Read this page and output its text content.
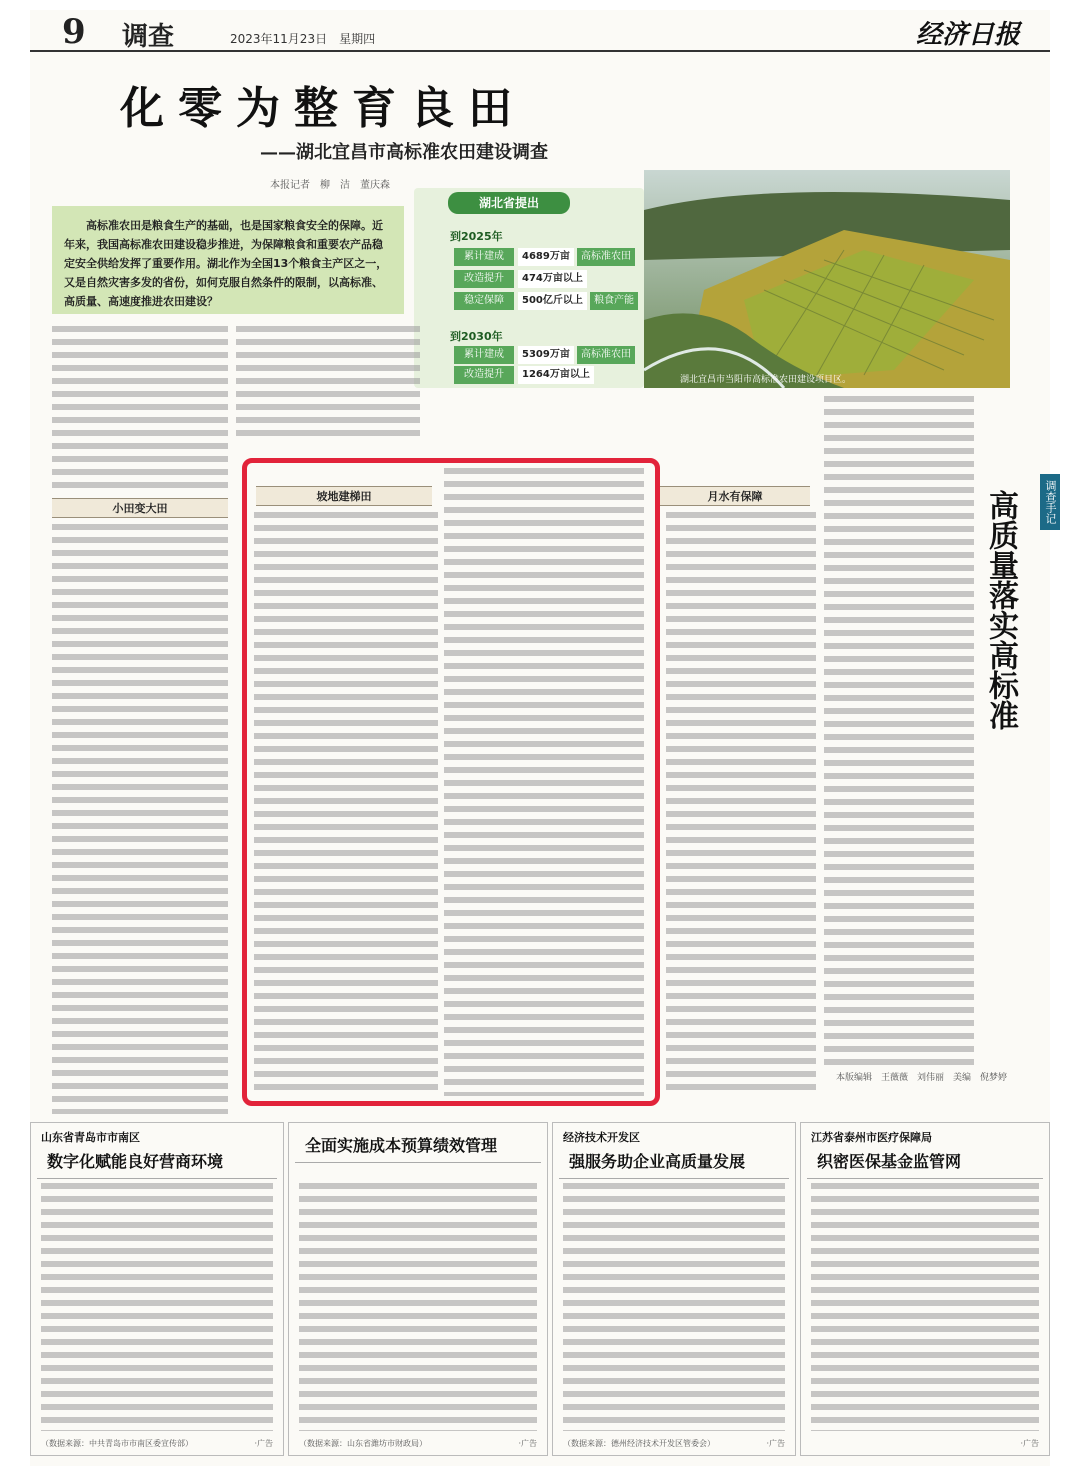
9 调查	2023年11月23日　星期四	经济日报
化零为整育良田
——湖北宜昌市高标准农田建设调查
本报记者　柳　洁　董庆森
高标准农田是粮食生产的基础，也是国家粮食安全的保障。近年来，我国高标准农田建设稳步推进，为保障粮食和重要农产品稳定安全供给发挥了重要作用。湖北作为全国13个粮食主产区之一，又是自然灾害多发的省份，如何克服自然条件的限制，以高标准、高质量、高速度推进农田建设？
湖北省提出
到2025年
累计建成 4689万亩 高标准农田
改造提升 474万亩以上
稳定保障 500亿斤以上 粮食产能
到2030年
累计建成 5309万亩 高标准农田
改造提升 1264万亩以上	湖北宜昌市当阳市高标准农田建设项目区。
小田变大田
坡地建梯田	月水有保障	调查手记
高质量落实高标准
本版编辑　王薇薇　刘伟丽　美编　倪梦婷
山东省青岛市市南区
数字化赋能良好营商环境
（数据来源：中共青岛市市南区委宣传部）	·广告
全面实施成本预算绩效管理
（数据来源：山东省潍坊市财政局）	·广告
经济技术开发区
强服务助企业高质量发展
（数据来源：德州经济技术开发区管委会）	·广告
江苏省泰州市医疗保障局
织密医保基金监管网
·广告
